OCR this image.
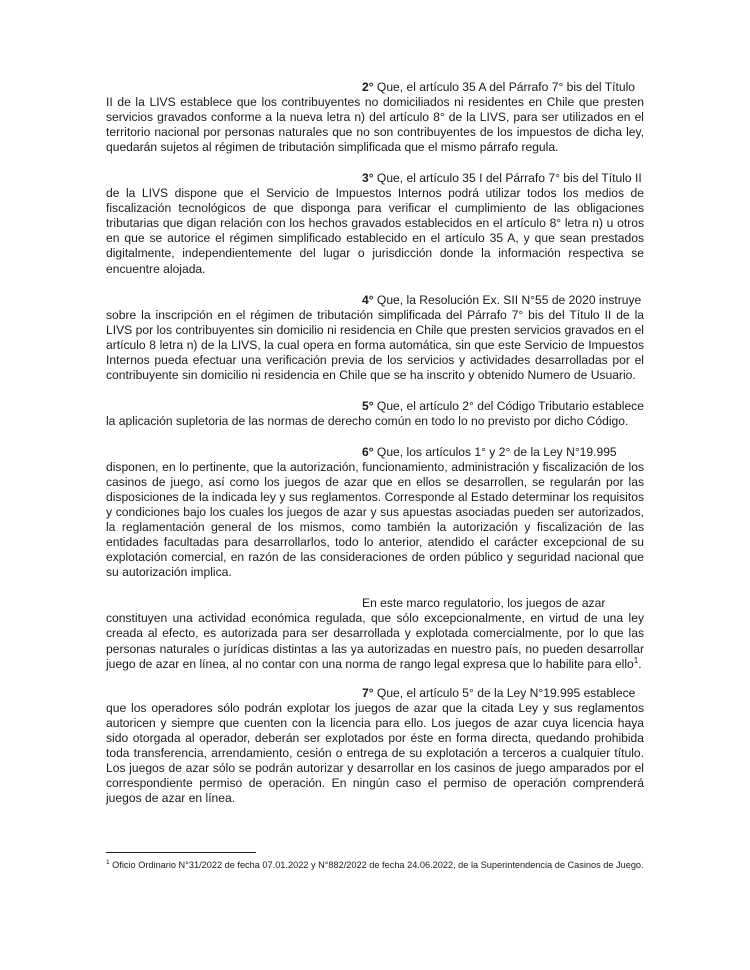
2° Que, el artículo 35 A del Párrafo 7° bis del Título
II de la LIVS establece que los contribuyentes no domiciliados ni residentes en Chile que presten servicios gravados conforme a la nueva letra n) del artículo 8° de la LIVS, para ser utilizados en el territorio nacional por personas naturales que no son contribuyentes de los impuestos de dicha ley, quedarán sujetos al régimen de tributación simplificada que el mismo párrafo regula.

3° Que, el artículo 35 I del Párrafo 7° bis del Título II
de la LIVS dispone que el Servicio de Impuestos Internos podrá utilizar todos los medios de fiscalización tecnológicos de que disponga para verificar el cumplimiento de las obligaciones tributarias que digan relación con los hechos gravados establecidos en el artículo 8° letra n) u otros en que se autorice el régimen simplificado establecido en el artículo 35 A, y que sean prestados digitalmente, independientemente del lugar o jurisdicción donde la información respectiva se encuentre alojada.

4° Que, la Resolución Ex. SII N°55 de 2020 instruye
sobre la inscripción en el régimen de tributación simplificada del Párrafo 7° bis del Título II de la LIVS por los contribuyentes sin domicilio ni residencia en Chile que presten servicios gravados en el artículo 8 letra n) de la LIVS, la cual opera en forma automática, sin que este Servicio de Impuestos Internos pueda efectuar una verificación previa de los servicios y actividades desarrolladas por el contribuyente sin domicilio ni residencia en Chile que se ha inscrito y obtenido Numero de Usuario.

5° Que, el artículo 2° del Código Tributario establece
la aplicación supletoria de las normas de derecho común en todo lo no previsto por dicho Código.

6° Que, los artículos 1° y 2° de la Ley N°19.995
disponen, en lo pertinente, que la autorización, funcionamiento, administración y fiscalización de los casinos de juego, así como los juegos de azar que en ellos se desarrollen, se regularán por las disposiciones de la indicada ley y sus reglamentos. Corresponde al Estado determinar los requisitos y condiciones bajo los cuales los juegos de azar y sus apuestas asociadas pueden ser autorizados, la reglamentación general de los mismos, como también la autorización y fiscalización de las entidades facultadas para desarrollarlos, todo lo anterior, atendido el carácter excepcional de su explotación comercial, en razón de las consideraciones de orden público y seguridad nacional que su autorización implica.

En este marco regulatorio, los juegos de azar
constituyen una actividad económica regulada, que sólo excepcionalmente, en virtud de una ley creada al efecto, es autorizada para ser desarrollada y explotada comercialmente, por lo que las personas naturales o jurídicas distintas a las ya autorizadas en nuestro país, no pueden desarrollar juego de azar en línea, al no contar con una norma de rango legal expresa que lo habilite para ello$^1$.

7° Que, el artículo 5° de la Ley N°19.995 establece
que los operadores sólo podrán explotar los juegos de azar que la citada Ley y sus reglamentos autoricen y siempre que cuenten con la licencia para ello. Los juegos de azar cuya licencia haya sido otorgada al operador, deberán ser explotados por éste en forma directa, quedando prohibida toda transferencia, arrendamiento, cesión o entrega de su explotación a terceros a cualquier título. Los juegos de azar sólo se podrán autorizar y desarrollar en los casinos de juego amparados por el correspondiente permiso de operación. En ningún caso el permiso de operación comprenderá juegos de azar en línea.

$^1$ Oficio Ordinario N°31/2022 de fecha 07.01.2022 y N°882/2022 de fecha 24.06.2022, de la Superintendencia de Casinos de Juego.
